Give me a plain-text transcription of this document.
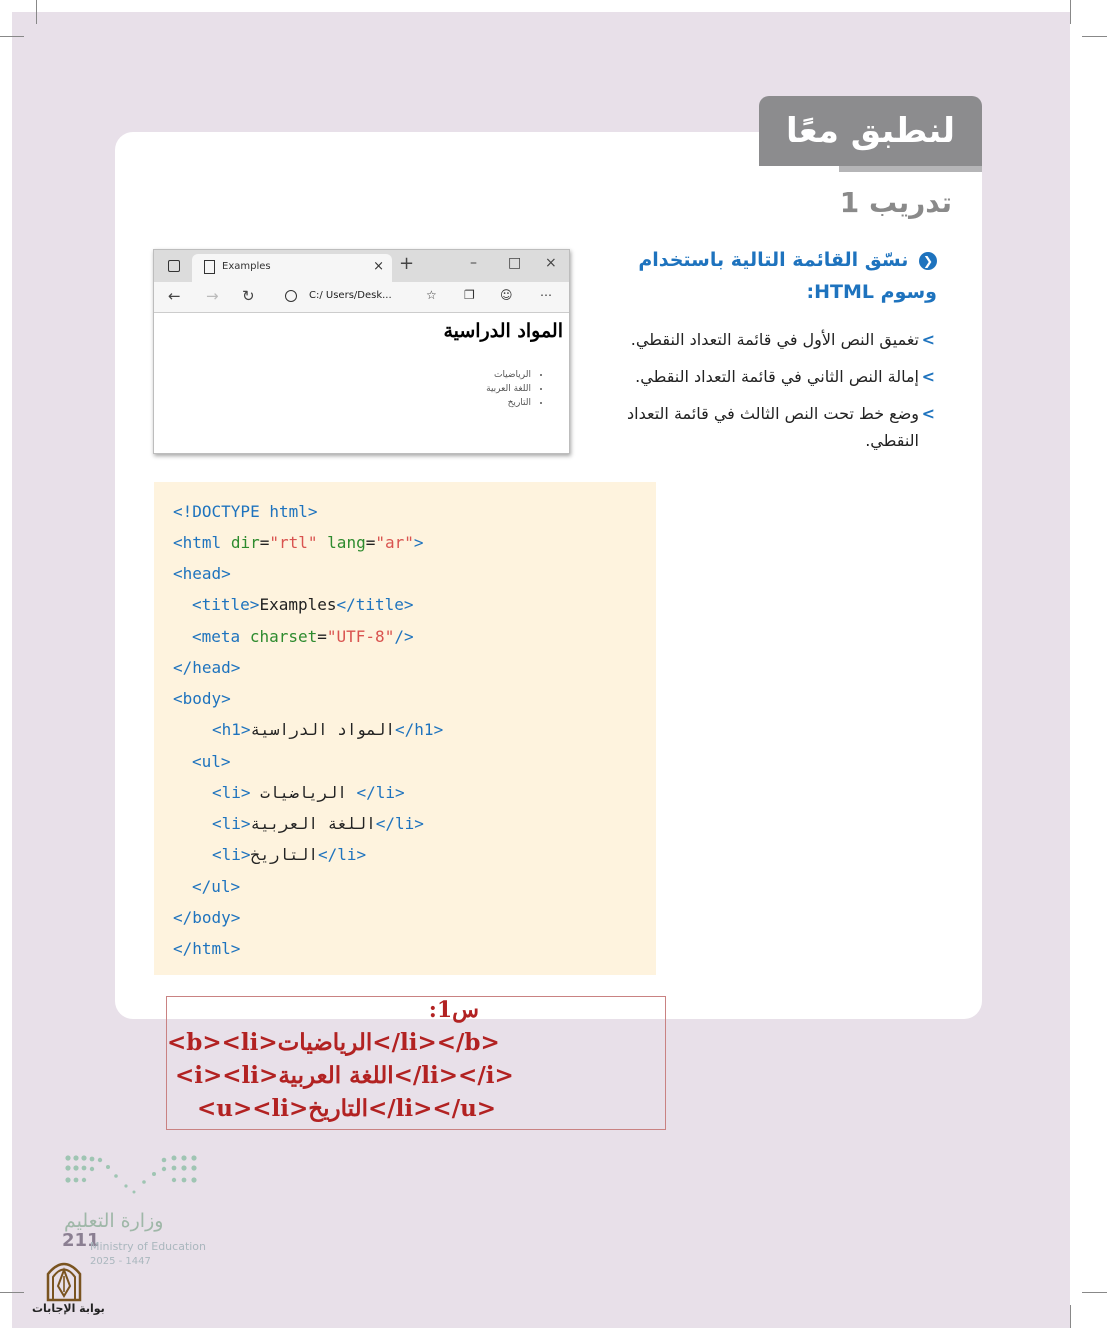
لنطبق معًا
تدريب 1
❮ نسّق القائمة التالية باستخدام وسوم HTML:
>
تغميق النص الأول في قائمة التعداد النقطي.
>
إمالة النص الثاني في قائمة التعداد النقطي.
>
وضع خط تحت النص الثالث في قائمة التعداد النقطي.
Examples	× +	– □ ×
← → ↻	C:/ Users/Desk...	☆ ❐ ☺ ⋯
المواد الدراسية
• الرياضيات
• اللغة العربية
• التاريخ
<!DOCTYPE html>
<html dir="rtl" lang="ar">
<head>
<title>Examples</title>
<meta charset="UTF-8"/>
</head>
<body>
<h1>المواد الدراسية</h1>
<ul>
<li> الرياضيات </li>
<li>اللغة العربية</li>
<li>التاريخ</li>
</ul>
</body>
</html>
س1:
<b><li>الرياضيات</li></b>
<i><li>اللغة العربية</li></i>
<u><li>التاريخ</li></u>
وزارة التعليم
211
Ministry of Education
2025 - 1447
بوابة الإجابات
